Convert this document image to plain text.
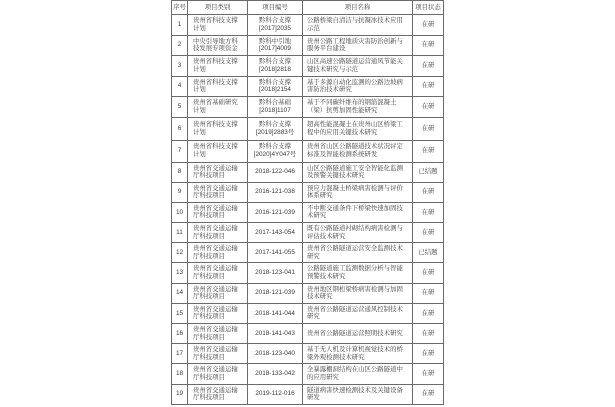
序号	项目类别	项目编号	项目名称	项目状态
1	贵州省科技支撑计划	黔科合支撑[2017]2035	公路桥梁自清洁与抗凝冰技术应用示范	在研
2	中央引导地方科技发展专项资金	黔科中引地[2017]4009	贵州公路工程地质灾害防治创新与服务平台建设	在研
3	贵州省科技支撑计划	黔科合支撑[2018]2818	山区高速公路隧道运营通风节能关键技术研究与示范	在研
4	贵州省科技支撑计划	黔科合支撑[2018]2154	基于多源自动化监测的公路边坡病害防治技术研究	在研
5	贵州省基础研究计划	黔科合基础[2018]1107	基于不同碳纤维布的钢筋混凝土（梁）抗剪加固性能研究	在研
6	贵州省科技支撑计划	黔科合支撑[2019]2883号	超高性能混凝土在贵州山区桥梁工程中的应用关键技术研究	在研
7	贵州省科技支撑计划	黔科合支撑[2020]4Y047号	贵州省山区公路隧道技术状况评定标准及智能检测系统研发	在研
8	贵州省交通运输厅科技项目	2018-122-046	山区公路隧道施工安全智能化监测及预警关键技术研究	已结题
9	贵州省交通运输厅科技项目	2016-121-038	预应力混凝土桥梁病害检测与评价体系研究	在研
10	贵州省交通运输厅科技项目	2016-121-039	不中断交通条件下桥梁快速加固技术研究	在研
11	贵州省交通运输厅科技项目	2017-143-054	既有公路隧道衬砌结构病害检测与评估技术研究	在研
12	贵州省交通运输厅科技项目	2017-141-055	贵州省公路隧道运营安全监测技术研究	已结题
13	贵州省交通运输厅科技项目	2018-123-041	公路隧道施工监测数据分析与智能预警技术研究	在研
14	贵州省交通运输厅科技项目	2018-121-039	贵州地区钢桁梁桥病害检测与加固技术研究	在研
15	贵州省交通运输厅科技项目	2018-141-044	贵州省公路隧道运营通风控制技术研究	在研
16	贵州省交通运输厅科技项目	2018-141-043	贵州省公路隧道运营照明技术研究	在研
17	贵州省交通运输厅科技项目	2018-123-040	基于无人机及计算机视觉技术的桥梁外观检测技术研究	在研
18	贵州省交通运输厅科技项目	2018-133-042	全暴露棚洞结构在山区公路隧道中的应用研究	在研
19	贵州省交通运输厅科技项目	2019-112-016	隧道病害快速检测技术及关键设备研发	在研
